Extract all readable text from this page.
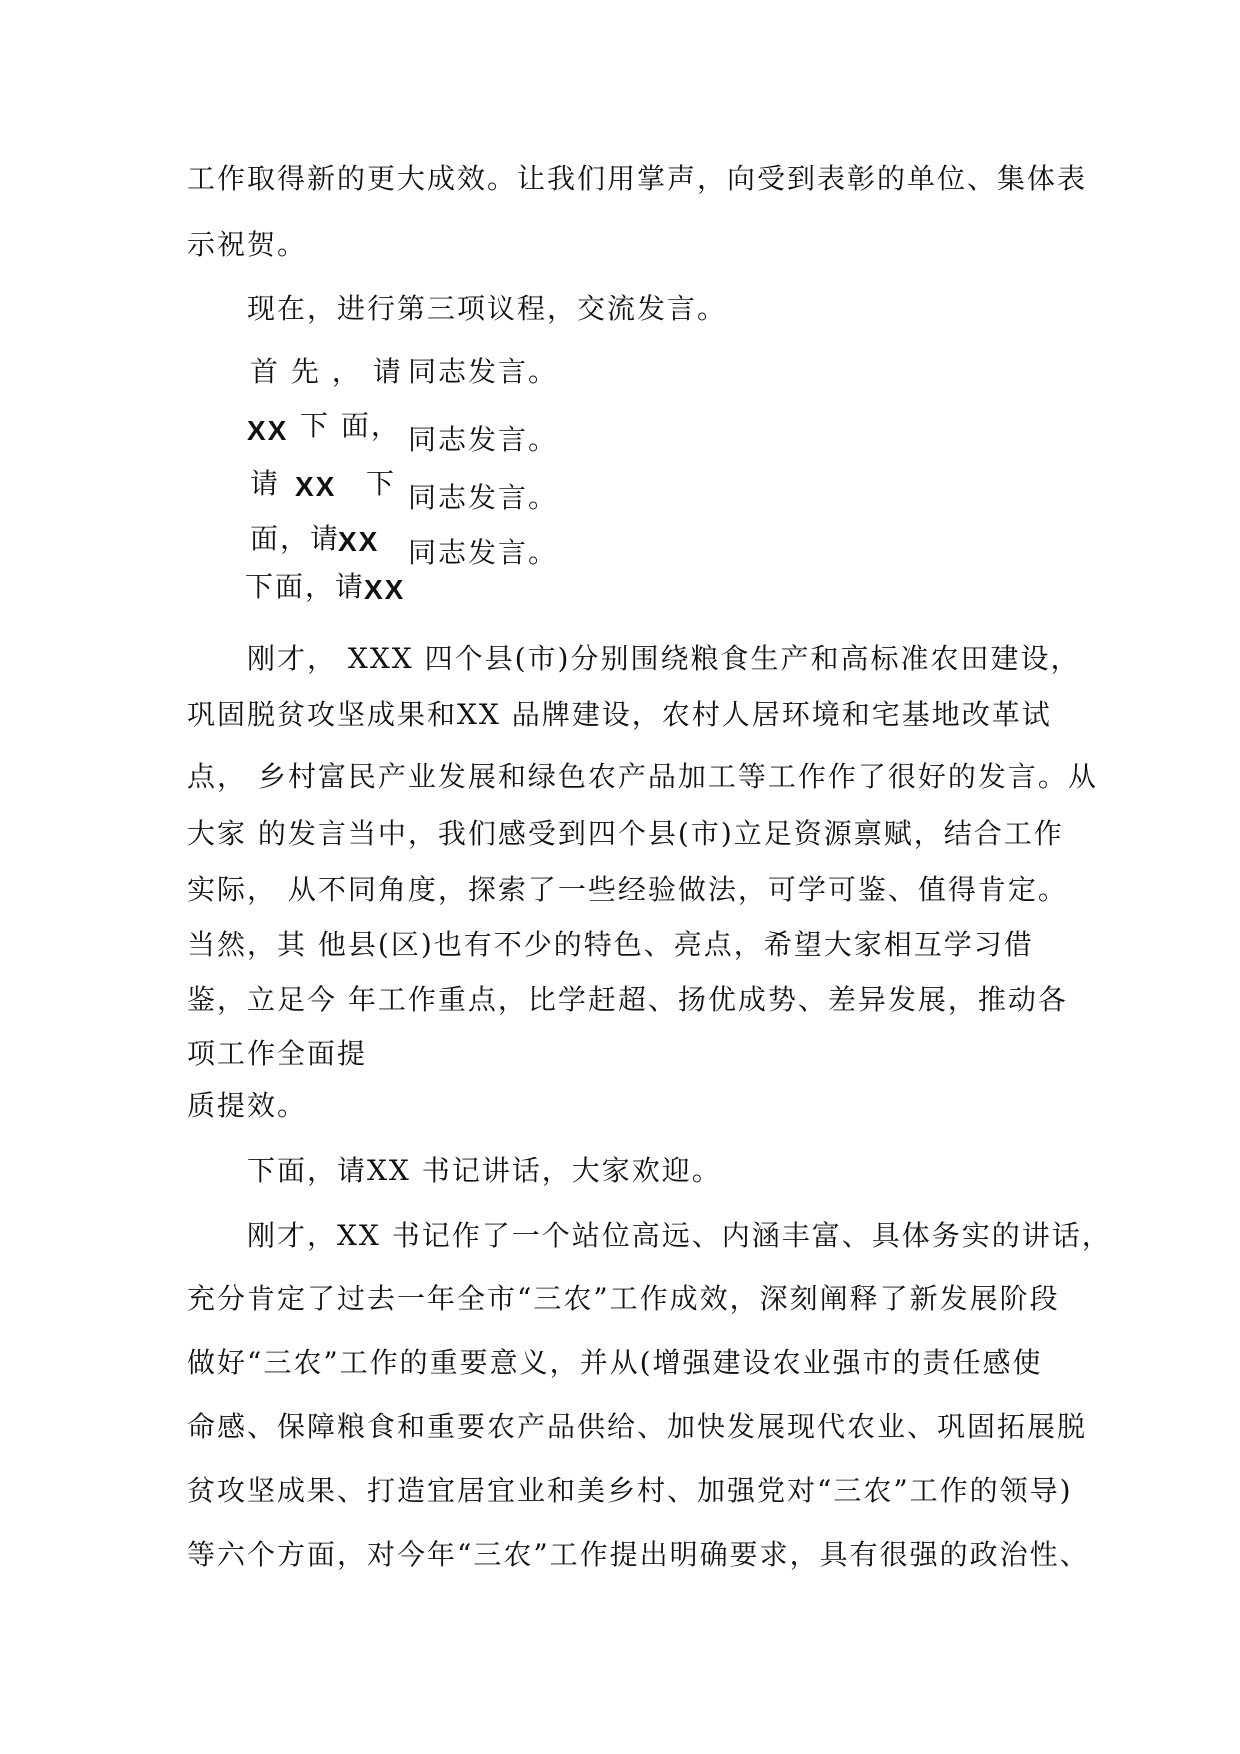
工作取得新的更大成效。让我们用掌声，向受到表彰的单位、集体表
示祝贺。
现在，进行第三项议程，交流发言。
首 先 ， 请 同志发言。
XX 下 面， 同志发言。
请 XX 下 同志发言。
面，请
XX 同志发言。
下面，请
XX
刚才， XXX 四个县(市)分别围绕粮食生产和高标准农田建设，
巩固脱贫攻坚成果和XX 品牌建设，农村人居环境和宅基地改革试
点， 乡村富民产业发展和绿色农产品加工等工作作了很好的发言。从
大家 的发言当中，我们感受到四个县(市)立足资源禀赋，结合工作
实际， 从不同角度，探索了一些经验做法，可学可鉴、值得肯定。
当然，其 他县(区)也有不少的特色、亮点，希望大家相互学习借
鉴，立足今 年工作重点，比学赶超、扬优成势、差异发展，推动各
项工作全面提
质提效。
下面，请XX 书记讲话，大家欢迎。
刚才，XX 书记作了一个站位高远、内涵丰富、具体务实的讲话，
充分肯定了过去一年全市“三农”工作成效，深刻阐释了新发展阶段
做好“三农”工作的重要意义，并从(增强建设农业强市的责任感使
命感、保障粮食和重要农产品供给、加快发展现代农业、巩固拓展脱
贫攻坚成果、打造宜居宜业和美乡村、加强党对“三农”工作的领导)
等六个方面，对今年“三农”工作提出明确要求，具有很强的政治性、
